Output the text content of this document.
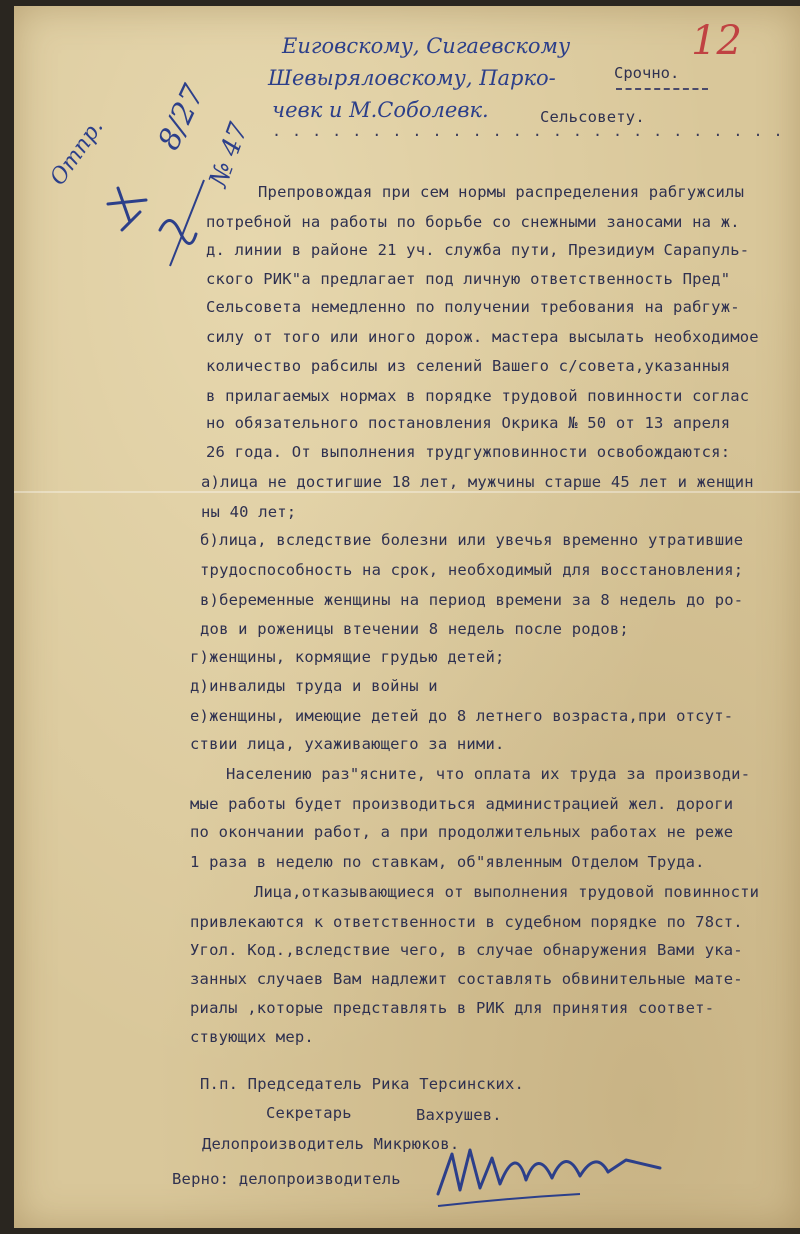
12
Еиговскому, Сигаевскому
Шевыряловскому, Парко-
чевк и М.Соболевк.
. . . . . . . . . . . . . . . . . . . . . . . . . .
Сельсовету.
Срочно.
Отпр. 8/27
№ 47
Препровождая при сем нормы распределения рабгужсилы
потребной на работы по борьбе со снежными заносами на ж.
д. линии в районе 21 уч. служба пути, Президиум Сарапуль-
ского РИК"а предлагает под личную ответственность Пред"
Сельсовета немедленно по получении требования на рабгуж-
силу от того или иного дорож. мастера высылать необходимое
количество рабсилы из селений Вашего с/совета,указанныя
в прилагаемых нормах в порядке трудовой повинности соглас
но обязательного постановления Окрика № 50 от 13 апреля
26 года. От выполнения трудгужповинности освобождаются:
а)лица не достигшие 18 лет, мужчины старше 45 лет и женщин
ны 40 лет;
б)лица, вследствие болезни или увечья временно утратившие
трудоспособность на срок, необходимый для восстановления;
в)беременные женщины на период времени за 8 недель до ро-
дов и роженицы втечении 8 недель после родов;
г)женщины, кормящие грудью детей;
д)инвалиды труда и войны и
е)женщины, имеющие детей до 8 летнего возраста,при отсут-
ствии лица, ухаживающего за ними.
Населению раз"ясните, что оплата их труда за производи-
мые работы будет производиться администрацией жел. дороги
по окончании работ, а при продолжительных работах не реже
1 раза в неделю по ставкам, об"явленным Отделом Труда.
Лица,отказывающиеся от выполнения трудовой повинности
привлекаются к ответственности в судебном порядке по 78ст.
Угол. Код.,вследствие чего, в случае обнаружения Вами ука-
занных случаев Вам надлежит составлять обвинительные мате-
риалы ,которые представлять в РИК для принятия соответ-
ствующих мер.
П.п. Председатель Рика Терсинских.
Секретарь	Вахрушев.
Делопроизводитель Микрюков.
Верно: делопроизводитель
